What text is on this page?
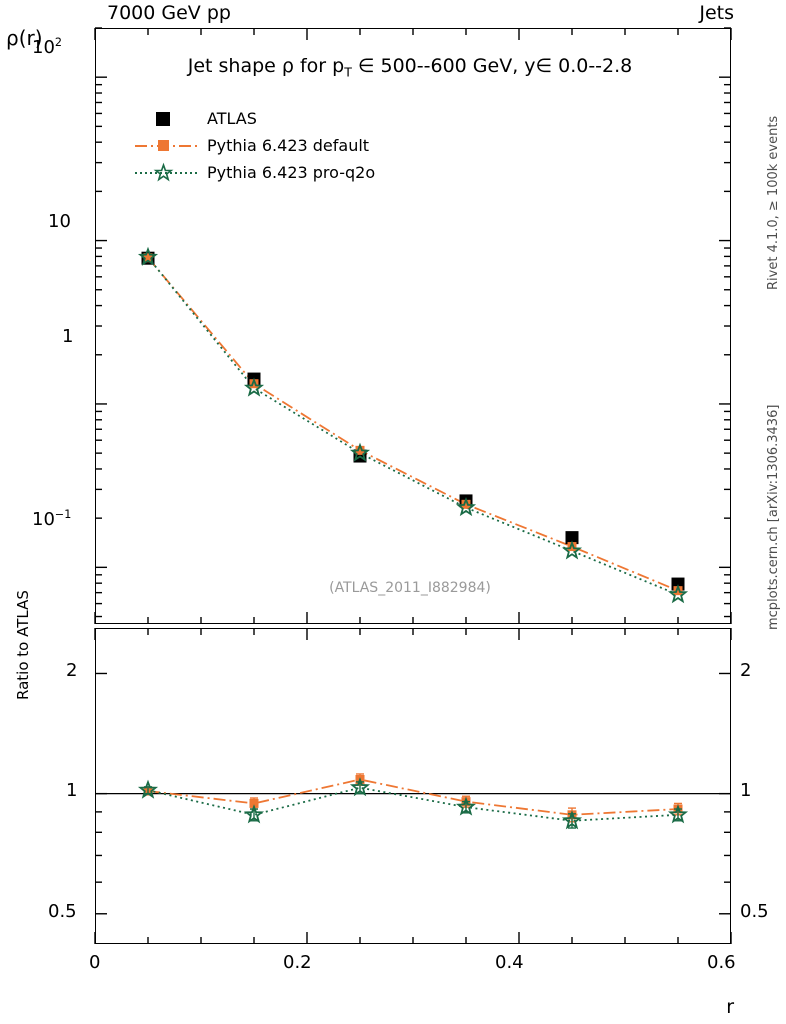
7000 GeV pp	Jets
Rivet 4.1.0, ≥ 100k events
mcplots.cern.ch [arXiv:1306.3436]
ρ(r)
Ratio to ATLAS
r
Jet shape ρ for $p_T$ ∈ 500--600 GeV, y∈ 0.0--2.8
(ATLAS_2011_I882984)
ATLAS
Pythia 6.423 default
Pythia 6.423 pro-q2o
$10^2$
10
1
$10^{-1}$
2
1
0.5
2
1
0.5
0	0.2	0.4	0.6
